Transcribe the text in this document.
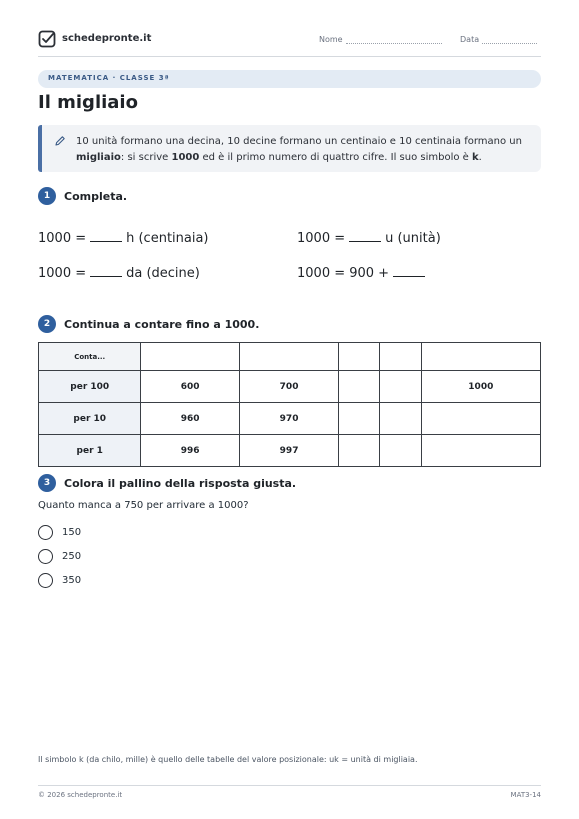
schedepronte.it	Nome	Data
MATEMATICA · CLASSE 3ª
Il migliaio
10 unità formano una decina, 10 decine formano un centinaio e 10 centinaia formano un migliaio: si scrive 1000 ed è il primo numero di quattro cifre. Il suo simbolo è k.
1	Completa.
1000 =	h (centinaia)	1000 =	u (unità)
1000 =	da (decine)	1000 = 900 +
2	Continua a contare fino a 1000.
Conta...					
per 100	600	700			1000
per 10	960	970			
per 1	996	997			
3	Colora il pallino della risposta giusta.
Quanto manca a 750 per arrivare a 1000?
150
250
350
Il simbolo k (da chilo, mille) è quello delle tabelle del valore posizionale: uk = unità di migliaia.
© 2026 schedepronte.it	MAT3-14
